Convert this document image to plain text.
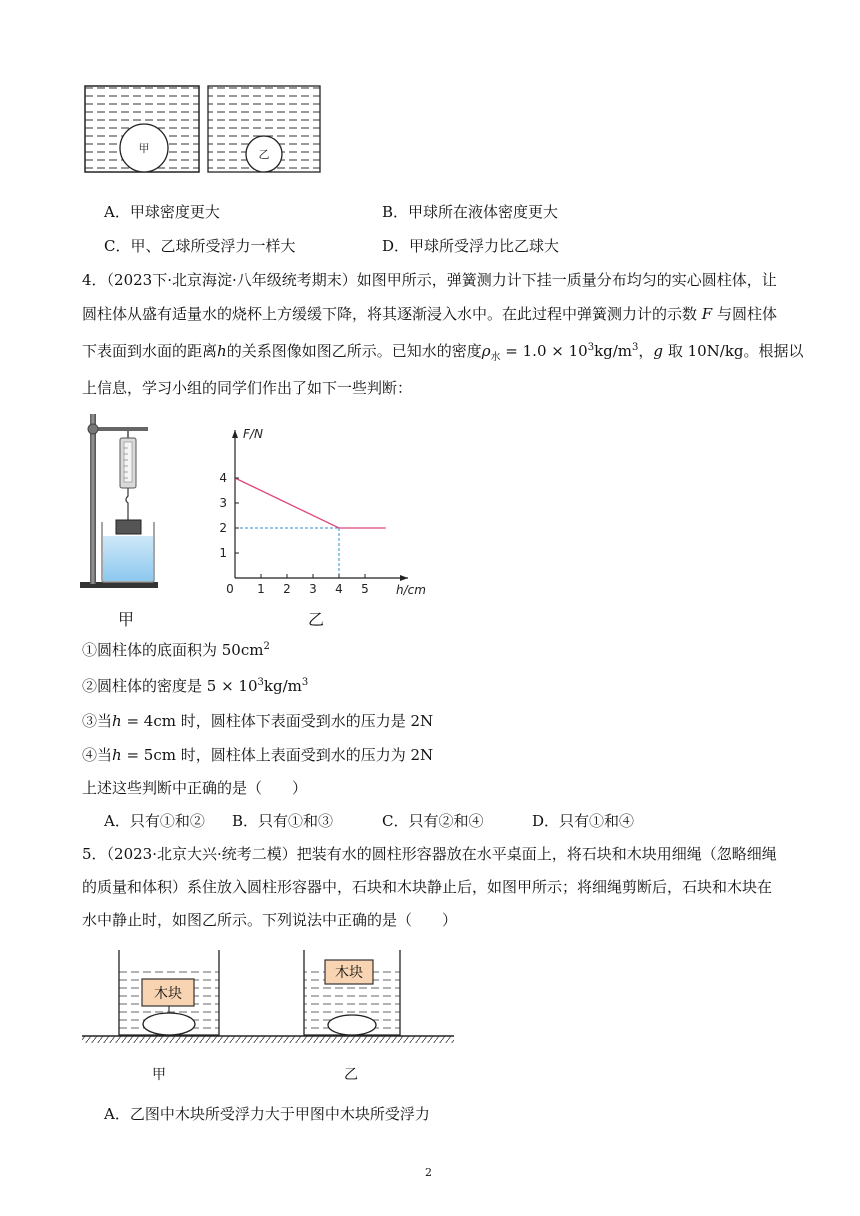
甲	乙
A．甲球密度更大	B．甲球所在液体密度更大
C．甲、乙球所受浮力一样大	D．甲球所受浮力比乙球大
4．（2023下·北京海淀·八年级统考期末）如图甲所示，弹簧测力计下挂一质量分布均匀的实心圆柱体，让
圆柱体从盛有适量水的烧杯上方缓缓下降，将其逐渐浸入水中。在此过程中弹簧测力计的示数 F 与圆柱体
下表面到水面的距离h的关系图像如图乙所示。已知水的密度$\rho_水 = 1.0 \times 10^3kg/m^3$，g 取 10N/kg。根据以
上信息，学习小组的同学们作出了如下一些判断：
甲
F/N
h/cm
0 1 2 3 4 5
1
2
3
4
乙
①圆柱体的底面积为 $50cm^2$
②圆柱体的密度是 $5 \times 10^3kg/m^3$
③当h = 4cm 时，圆柱体下表面受到水的压力是 2N
④当h = 5cm 时，圆柱体上表面受到水的压力为 2N
上述这些判断中正确的是（　　）
A．只有①和② B．只有①和③	C．只有②和④	D．只有①和④
5．（2023·北京大兴·统考二模）把装有水的圆柱形容器放在水平桌面上，将石块和木块用细绳（忽略细绳
的质量和体积）系住放入圆柱形容器中，石块和木块静止后，如图甲所示；将细绳剪断后，石块和木块在
水中静止时，如图乙所示。下列说法中正确的是（　　）
木块
木块
甲	乙
A．乙图中木块所受浮力大于甲图中木块所受浮力
2
